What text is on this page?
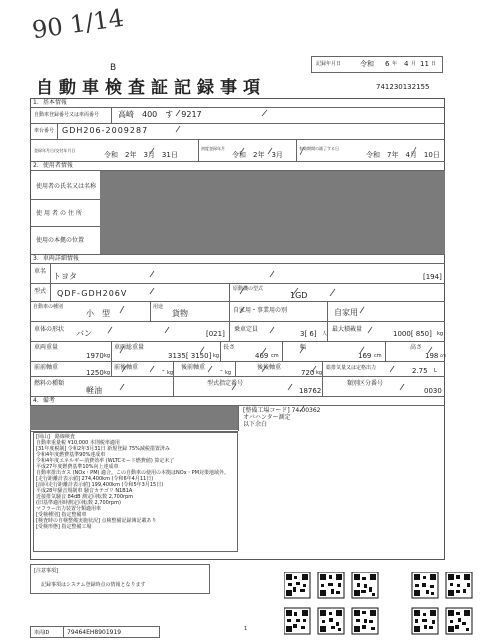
90 1/14
記録年月日	令和 6 年 4 月 11 日
B
自動車検査証記録事項	741230132155
1．基本情報
自動車登録番号又は車両番号 高崎　400　す　9217
車台番号 GDH206-2009287
登録年月日/交付年月日
令和　2年　3月　31日
初度登録年月
令和　2年　3月
有効期間の満了する日
令和　7年　4月　10日
2．使用者情報
使用者の氏名又は名称
使用者の住所
使用の本拠の位置
3．車両詳細情報
車名
トヨタ	[194]
型式 QDF-GDH206V	原動機の型式
1GD
自動車の種別
小　型
用途
貨物	自家用・事業用の別	自家用
車体の形状 バン	[021]
乗車定員
3[ 6] 人
最大積載量
1000[ 850] kg
車両重量
1970 kg
車両総重量
3135[ 3150] kg
長さ
469 cm
幅
169 cm
高さ
198 cm
前前軸重
1250 kg
前後軸重	- kg
後前軸重 - kg
後後軸重
720 kg
総排気量又は定格出力	2.75 L
燃料の種類
軽油
型式指定番号
18762
類別区分番号
0030
4．備考
[整備工場コード] 74-00362
オバハンター測定
以下余白
[岡山]　路線検査
自動車重量税 ¥10,000 本則税率適用
[31年度税制] 令和2年3月31日 新規登録 75%減税措置済み
令和4年度燃費基準90%達成車
令和4年度エネルギー消費効率 (WLTCモード燃費値) 算定未了
平成27年度燃費基準10%向上達成車
自動車排出ガス (NOx・PM) 適合。この自動車の使用の本拠はNOx・PM対策地域外。
[走行距離計表示値] 274,400km (令和6年4月11日)
[前回走行距離計表示値] 199,400km (令和5年3月15日)
平成28年騒音規制車 騒音カテゴリ N1B1A
近接排気騒音 84dB 測定回転数 2,700rpm
(旧基準適用時測定回転数 2,700rpm)
マフラー出力装置分類適用車
[受検種別] 指定整備車
[検査時の自検整備実施状況] 点検整備記録簿記載あり
[受検形態] 指定整備工場
[注意事項]
記録事項はシステム登録時点の情報となります
車両ID	79464EH8901919	1
